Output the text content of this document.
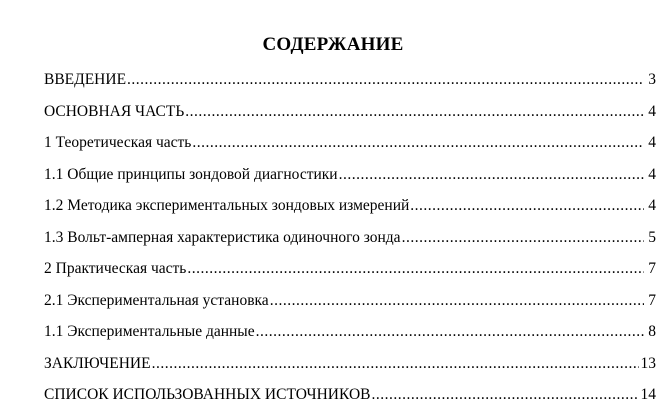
СОДЕРЖАНИЕ
ВВЕДЕНИЕ .....	3
ОСНОВНАЯ ЧАСТЬ .....	4
1 Теоретическая часть .....	4
1.1 Общие принципы зондовой диагностики .....	4
1.2 Методика экспериментальных зондовых измерений .....	4
1.3 Вольт-амперная характеристика одиночного зонда .....	5
2 Практическая часть .....	7
2.1 Экспериментальная установка .....	7
1.1 Экспериментальные данные .....	8
ЗАКЛЮЧЕНИЕ .....	13
СПИСОК ИСПОЛЬЗОВАННЫХ ИСТОЧНИКОВ .....	14
